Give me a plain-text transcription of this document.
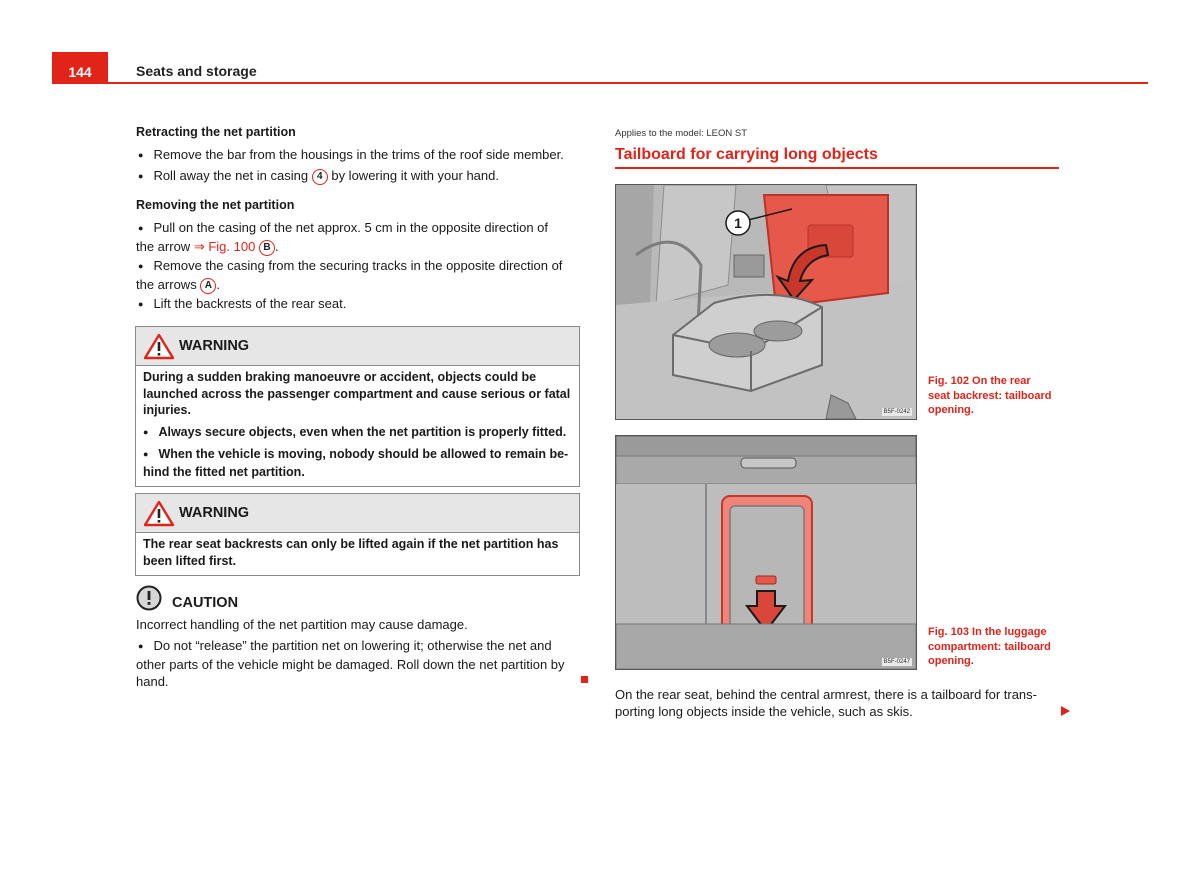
144	Seats and storage
Retracting the net partition
● Remove the bar from the housings in the trims of the roof side member.
● Roll away the net in casing 4 by lowering it with your hand.
Removing the net partition
● Pull on the casing of the net approx. 5 cm in the opposite direction of
the arrow ⇒ Fig. 100 B .
● Remove the casing from the securing tracks in the opposite direction of
the arrows A .
● Lift the backrests of the rear seat.
WARNING

During a sudden braking manoeuvre or accident, objects could be launched across the passenger compartment and cause serious or fatal injuries.

● Always secure objects, even when the net partition is properly fitted.

● When the vehicle is moving, nobody should be allowed to remain be-
hind the fitted net partition.

WARNING

The rear seat backrests can only be lifted again if the net partition has been lifted first.

CAUTION
Incorrect handling of the net partition may cause damage.
● Do not “release” the partition net on lowering it; otherwise the net and
other parts of the vehicle might be damaged. Roll down the net partition by
hand.
Applies to the model: LEON ST
Tailboard for carrying long objects
1
B5F-0242
Fig. 102 On the rear
seat backrest: tailboard
opening.
B5F-0247
Fig. 103 In the luggage
compartment: tailboard
opening.
On the rear seat, behind the central armrest, there is a tailboard for trans-
porting long objects inside the vehicle, such as skis.
